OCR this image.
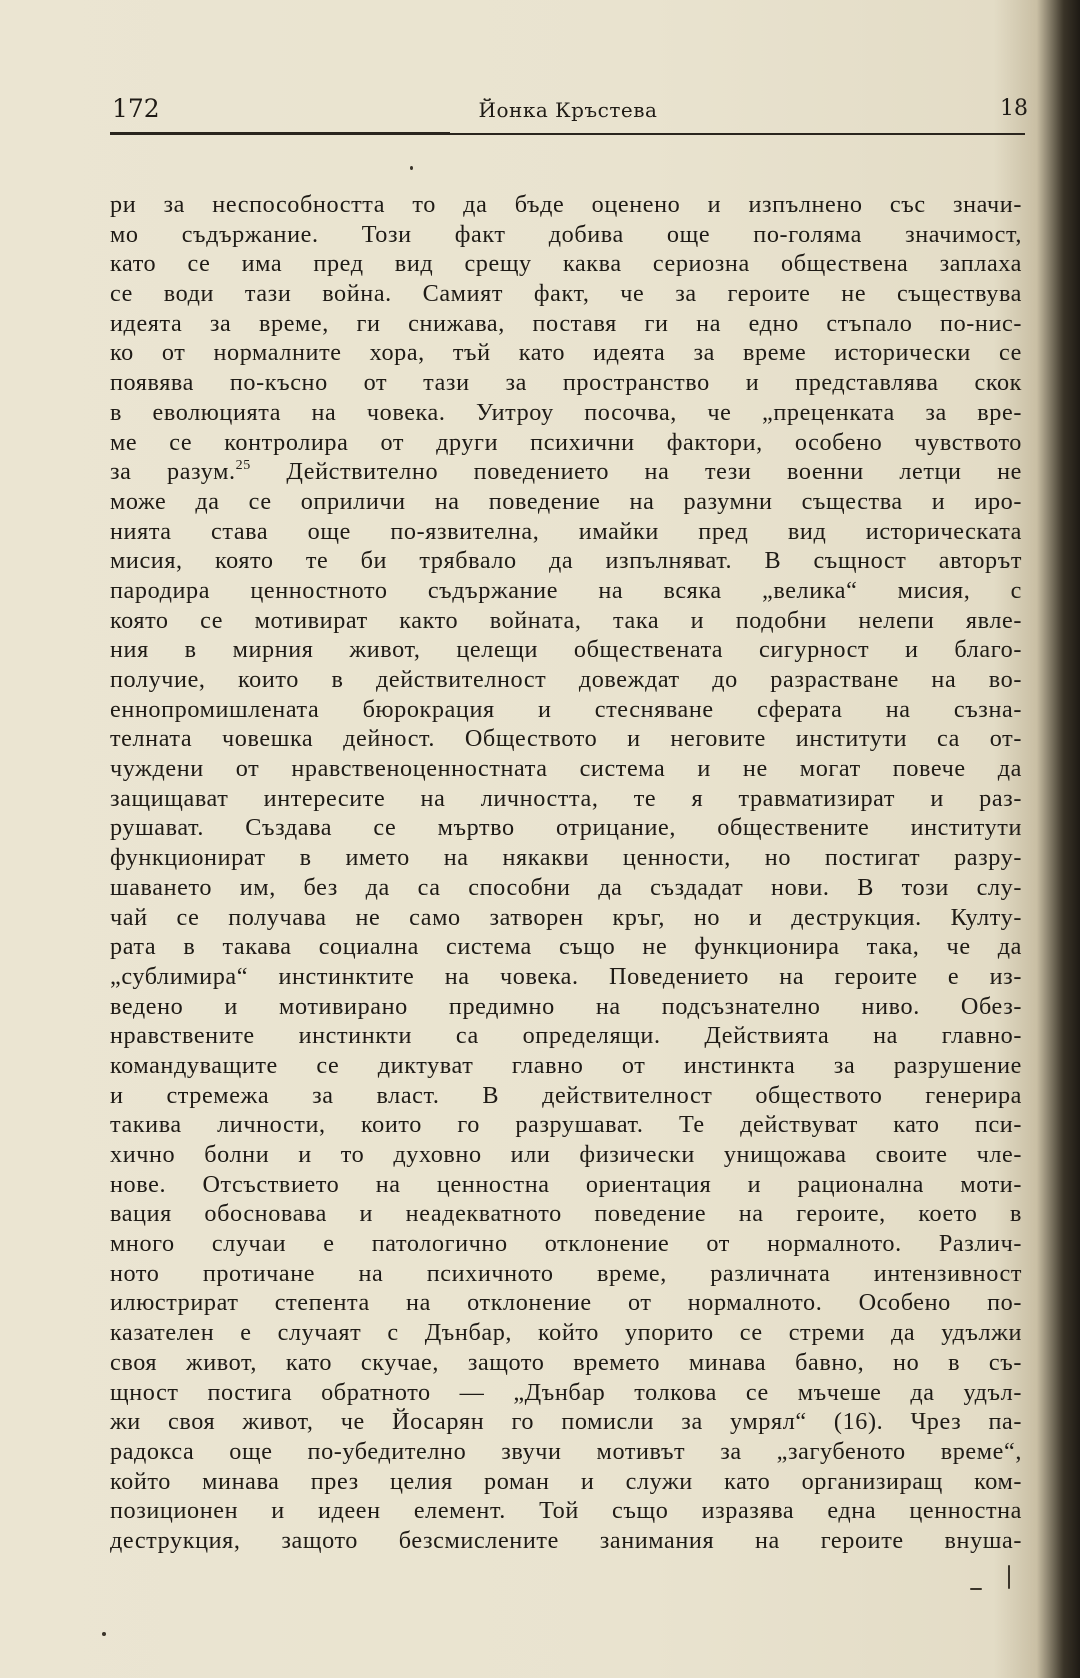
172	Йонка Кръстева	18
ри за неспособността то да бъде оценено и изпълнено със значи-
мо съдържание. Този факт добива още по-голяма значимост,
като се има пред вид срещу каква сериозна обществена заплаха
се води тази война. Самият факт, че за героите не съществува
идеята за време, ги снижава, поставя ги на едно стъпало по-нис-
ко от нормалните хора, тъй като идеята за време исторически се
появява по-късно от тази за пространство и представлява скок
в еволюцията на човека. Уитроу посочва, че „преценката за вре-
ме се контролира от други психични фактори, особено чувството
за разум.$^{25}$ Действително поведението на тези военни летци не
може да се оприличи на поведение на разумни същества и иро-
нията става още по-язвителна, имайки пред вид историческата
мисия, която те би трябвало да изпълняват. В същност авторът
пародира ценностното съдържание на всяка „велика“ мисия, с
която се мотивират както войната, така и подобни нелепи явле-
ния в мирния живот, целещи общественатa сигурност и благо-
получие, които в действителност довеждат до разрастване на во-
еннопромишлената бюрокрация и стесняване сферата на съзна-
телната човешка дейност. Обществото и неговите институти са от-
чуждени от нравственоценностната система и не могат повече да
защищават интересите на личността, те я травматизират и раз-
рушават. Създава се мъртво отрицание, обществените институти
функционират в името на някакви ценности, но постигат разру-
шаването им, без да са способни да създадат нови. В този слу-
чай се получава не само затворен кръг, но и деструкция. Култу-
рата в такава социална система също не функционира така, че да
„сублимира“ инстинктите на човека. Поведението на героите е из-
ведено и мотивирано предимно на подсъзнателно ниво. Обез-
нравствените инстинкти са определящи. Действията на главно-
командуващите се диктуват главно от инстинкта за разрушение
и стремежа за власт. В действителност обществото генерира
такива личности, които го разрушават. Те действуват като пси-
хично болни и то духовно или физически унищожава своите чле-
нове. Отсъствието на ценностна ориентация и рационална моти-
вация обосновава и неадекватното поведение на героите, което в
много случаи е патологично отклонение от нормалното. Различ-
ното протичане на психичното време, различната интензивност
илюстрират степента на отклонение от нормалното. Особено по-
казателен е случаят с Дънбар, който упорито се стреми да удължи
своя живот, като скучае, защото времето минава бавно, но в съ-
щност постига обратното — „Дънбар толкова се мъчеше да удъл-
жи своя живот, че Йосарян го помисли за умрял“ (16). Чрез па-
радокса още по-убедително звучи мотивът за „загубеното време“,
който минава през целия роман и служи като организиращ ком-
позиционен и идеен елемент. Той също изразява една ценностна
деструкция, защото безсмислените занимания на героите внуша-
